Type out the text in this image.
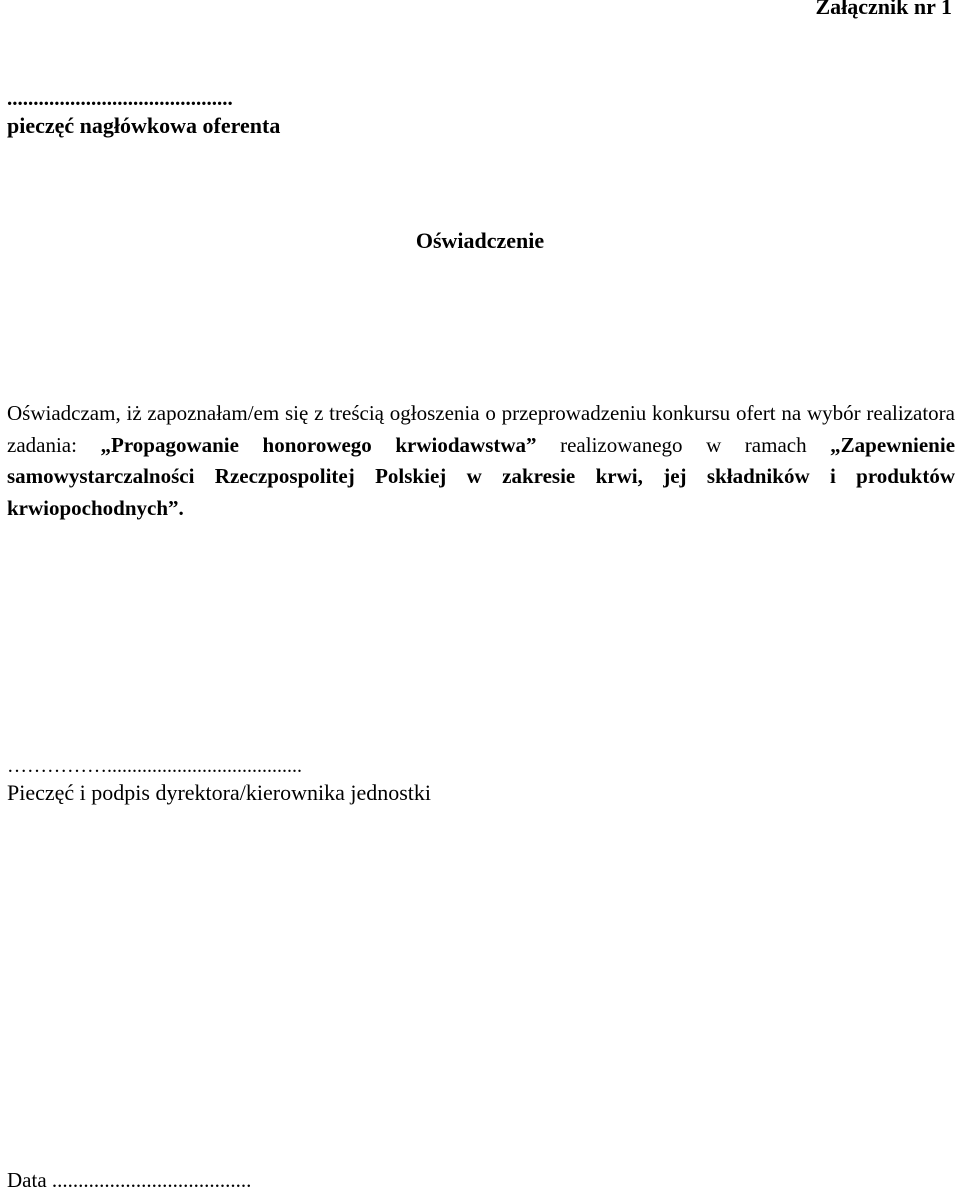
Załącznik nr 1
...........................................
pieczęć nagłówkowa oferenta
Oświadczenie
Oświadczam, iż zapoznałam/em się z treścią ogłoszenia o przeprowadzeniu konkursu ofert na wybór realizatora zadania: „Propagowanie honorowego krwiodawstwa” realizowanego w ramach „Zapewnienie samowystarczalności Rzeczpospolitej Polskiej w zakresie krwi, jej składników i produktów krwiopochodnych”.
…………….......................................
Pieczęć i podpis dyrektora/kierownika jednostki
Data ......................................
